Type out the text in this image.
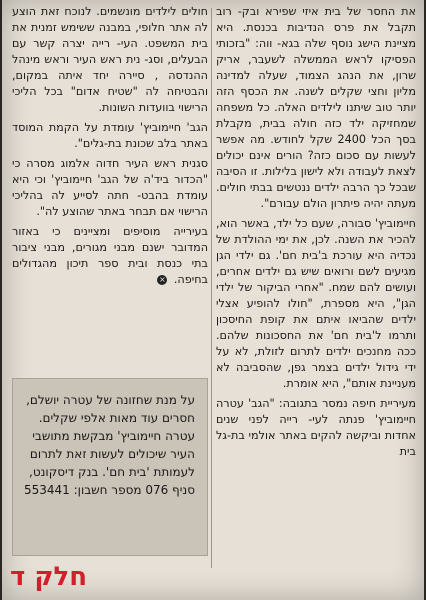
את החסר של בית איזי שפירא ובק- רוב תקבל את פרס הנדיבות בכנסת. היא מציינת הישג נוסף שלה בגא- ווה: "בזכותי הפסיקו לראש הממשלה לשעבר, אריק שרון, את הנהג הצמוד, שעלה למדינה מליון וחצי שקלים לשנה. את הכסף הזה יותר טוב שיתנו לילדים האלה. כל משפחה שמחזיקה ילד כזה חולה בבית, מקבלת בסך הכל 2400 שקל לחודש. מה אפשר לעשות עם סכום כזה? הורים אינם יכולים לצאת לעבודה ולא לישון בלילות. זו הסיבה שבכל כך הרבה ילדים ננטשים בבתי חולים. מעתה יהיה פיתרון הולם עבורם".

חיימוביץ' סבורה, שעם כל ילד, באשר הוא, להכיר את השנה. לכן, את ימי ההולדת של נכדיה היא עורכת ב'בית חם'. גם ילדי הגן מגיעים לשם ורואים שיש גם ילדים אחרים, ועושים להם שמח. "אחרי הביקור של ילדי הגן", היא מספרת, "חולו להופיע אצלי ילדים שהביאו איתם את קופת החיסכון ותרמו ל'בית חם' את החסכונות שלהם. ככה מחנכים ילדים לתרום לזולת, לא על ידי גידול ילדים בצמר גפן, שהסביבה לא מעניינת אותם", היא אומרת.

מעיריית חיפה נמסר בתגובה: "הגב' עטרה חיימוביץ' פנתה לעי- רייה לפני שנים אחדות וביקשה להקים באתר אולמי בת-גל בית

חולים לילדים מונשמים. לנוכח זאת הוצע לה אתר חלופי, במבנה ששימש זמנית את בית המשפט. העי- רייה יצרה קשר עם הבעלים, וסג- נית ראש העיר וראש מינהל ההנדסה , סיירה יחד איתה במקום, והבטיחה לה "שטיח אדום" בכל הליכי הרישוי בוועדות השונות.

הגב' חיימוביץ' עומדת על הקמת המוסד באתר בלב שכונת בת-גלים".

סגנית ראש העיר חדוה אלמוג מסרה כי "הכדור ביד'ה של הגב' חיימוביץ' וכי היא עומדת בהבט- חתה לסייע לה בהליכי הרישוי אם תבחר באתר שהוצע לה".

בעירייה מוסיפים ומציינים כי באזור המדובר ישנם מבני מגורים, מבני ציבור בתי כנסת ובית ספר תיכון מהגדולים בחיפה. ×

על מנת שחזונה של עטרה יושלם, חסרים עוד מאות אלפי שקלים. עטרה חיימוביץ' מבקשת מתושבי העיר שיכולים לעשות זאת לתרום לעמותת 'בית חם'. בנק דיסקונט, סניף 076 מספר חשבון: 553441
חלק ד
